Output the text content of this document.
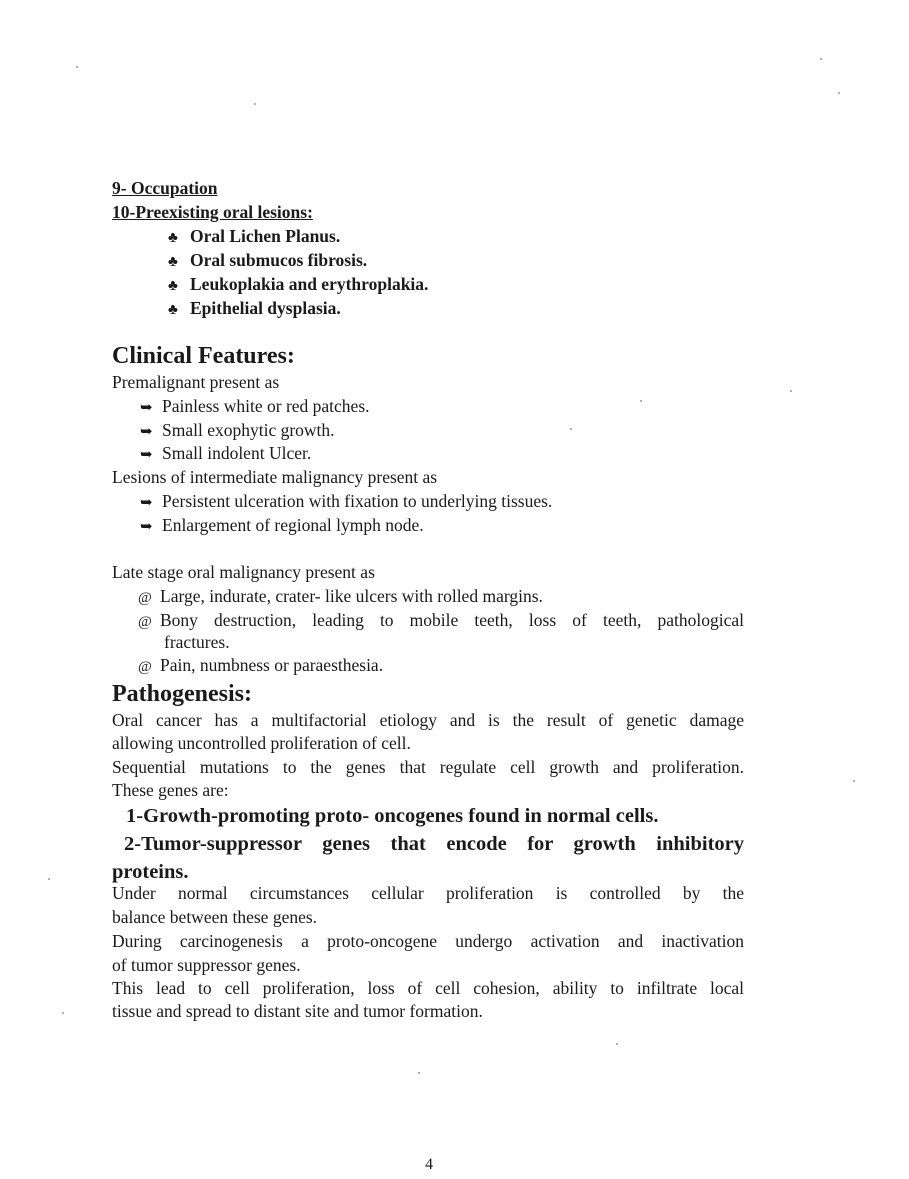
9- Occupation
10-Preexisting oral lesions:
♣ Oral Lichen Planus.
♣ Oral submucos fibrosis.
♣ Leukoplakia and erythroplakia.
♣ Epithelial dysplasia.
Clinical Features:
Premalignant present as
➥ Painless white or red patches.
➥ Small exophytic growth.
➥ Small indolent Ulcer.
Lesions of intermediate malignancy present as
➥ Persistent ulceration with fixation to underlying tissues.
➥ Enlargement of regional lymph node.
Late stage oral malignancy present as
@ Large, indurate, crater- like ulcers with rolled margins.
@ Bony destruction, leading to mobile teeth, loss of teeth, pathological
fractures.
@ Pain, numbness or paraesthesia.
Pathogenesis:
Oral cancer has a multifactorial etiology and is the result of genetic damage
allowing uncontrolled proliferation of cell.
Sequential mutations to the genes that regulate cell growth and proliferation.
These genes are:
1-Growth-promoting proto- oncogenes found in normal cells.
2-Tumor-suppressor genes that encode for growth inhibitory
proteins.
Under normal circumstances cellular proliferation is controlled by the
balance between these genes.
During carcinogenesis a proto-oncogene undergo activation and inactivation
of tumor suppressor genes.
This lead to cell proliferation, loss of cell cohesion, ability to infiltrate local
tissue and spread to distant site and tumor formation.
4
